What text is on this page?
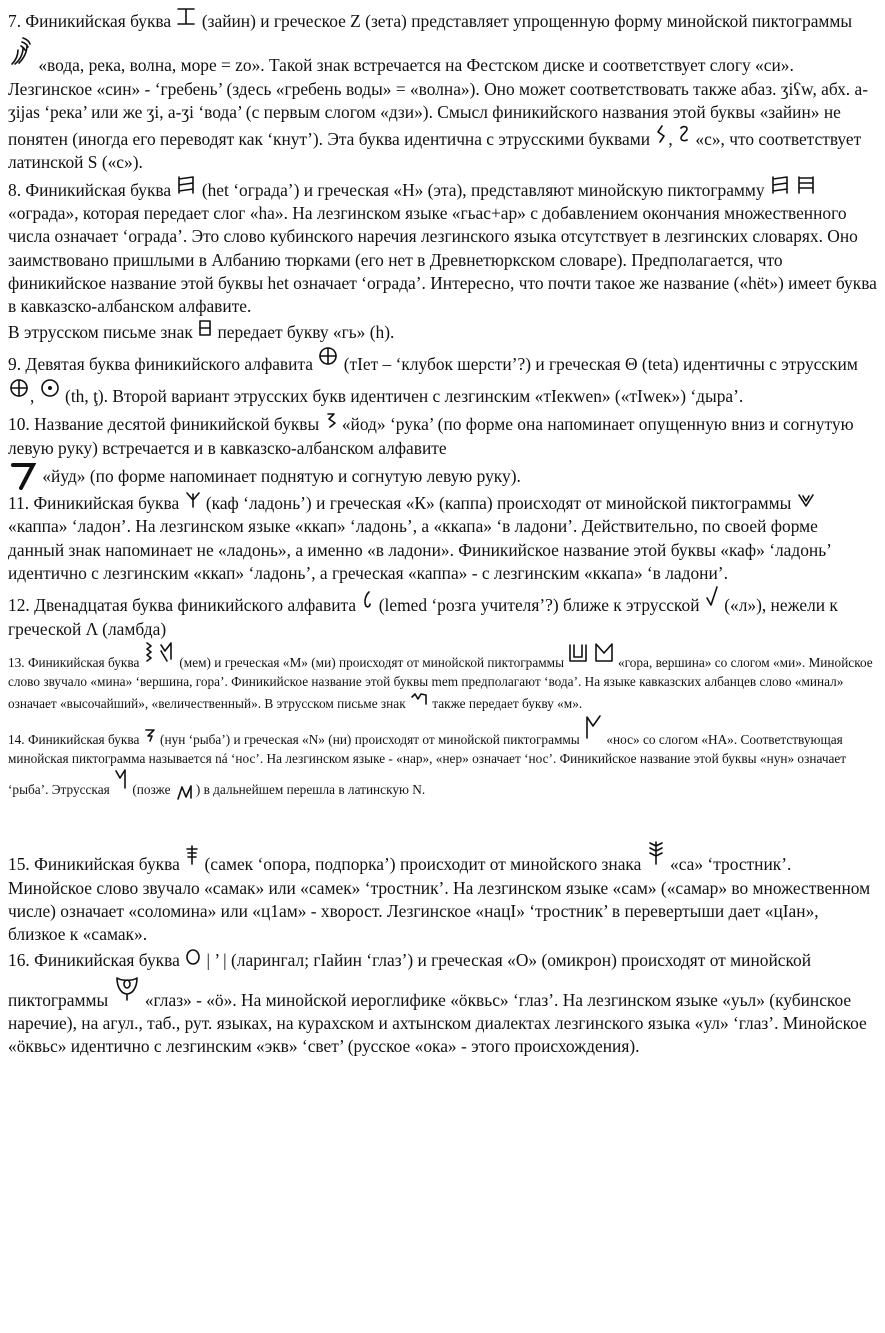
7. Финикийская буква
(зайин) и греческое Z (зета) представляет упрощенную форму минойской пиктограммы
«вода, река, волна, море = zo». Такой знак встречается на Фестском диске и соответствует слогу «си». Лезгинское «син» - ‘гребень’ (здесь «гребень воды» = «волна»). Оно может соответствовать также абаз. ʒiʕw, абх. а-ʒijas ‘река’ или же ʒi, а-ʒi ‘вода’ (с первым слогом «дзи»). Смысл финикийского названия этой буквы «зайин» не понятен (иногда его переводят как ‘кнут’). Эта буква идентична с этрусскими буквами
,
«с», что соответствует латинской S («с»).

8. Финикийская буква
(het ‘ограда’) и греческая «Н» (эта), представляют минойскую пиктограмму

«ограда», которая передает слог «ha». На лезгинском языке «гьас+ар» с добавлением окончания множественного числа означает ‘ограда’. Это слово кубинского наречия лезгинского языка отсутствует в лезгинских словарях. Оно заимствовано пришлыми в Албанию тюрками (его нет в Древнетюркском словаре). Предполагается, что финикийское название этой буквы het означает ‘ограда’. Интересно, что почти такое же название («hёt») имеет буква в кавказско-албанском алфавите.

В этрусском письме знак
передает букву «гь» (h).

9. Девятая буква финикийского алфавита
(тIет – ‘клубок шерсти’?) и греческая Θ (teta) идентичны с этрусским
,
(th, ţ). Второй вариант этрусских букв идентичен с лезгинским «тIекwen» («тIweк») ‘дыра’.

10. Название десятой финикийской буквы
«йод» ‘рука’ (по форме она напоминает опущенную вниз и согнутую левую руку) встречается и в кавказско-албанском алфавите

«йуд» (по форме напоминает поднятую и согнутую левую руку).

11. Финикийская буква
(каф ‘ладонь’) и греческая «К» (каппа) происходят от минойской пиктограммы
«каппа» ‘ладон’. На лезгинском языке «ккап» ‘ладонь’, а «ккапа» ‘в ладони’. Действительно, по своей форме данный знак напоминает не «ладонь», а именно «в ладони». Финикийское название этой буквы «каф» ‘ладонь’ идентично с лезгинским «ккап» ‘ладонь’, а греческая «каппа» - с лезгинским «ккапа» ‘в ладони’.

12. Двенадцатая буква финикийского алфавита
(lemed ‘розга учителя’?) ближе к этрусской
(«л»), нежели к греческой Λ (ламбда)

13. Финикийская буква
	(мем) и греческая «М» (ми) происходят от минойской пиктограммы
	«гора, вершина» со слогом «ми». Минойское слово звучало «мина» ‘вершина, гора’. Финикийское название этой буквы mem предполагают ‘вода’. На языке кавказских албанцев слово «минал» означает «высочайший», «величественный». В этрусском письме знак
также передает букву «м».

14. Финикийская буква
(нун ‘рыба’) и греческая «N» (ни) происходят от минойской пиктограммы
«нос» со слогом «НА». Соответствующая минойская пиктограмма называется ná ‘нос’. На лезгинском языке - «нар», «нер» означает ‘нос’. Финикийское название этой буквы «нун» означает ‘рыба’. Этрусская
(позже
) в дальнейшем перешла в латинскую N.

15. Финикийская буква
(самек ‘опора, подпорка’) происходит от минойского знака
«са» ‘тростник’. Минойское слово звучало «самак» или «самек» ‘тростник’. На лезгинском языке «сам» («самар» во множественном числе) означает «соломина» или «ц1ам» - хворост. Лезгинское «нацI» ‘тростник’ в перевертыши дает «цIан», близкое к «самак».

16. Финикийская буква
| ’ | (ларингал; гIайин ‘глаз’) и греческая «О» (омикрон) происходят от минойской пиктограммы
«глаз» - «ö». На минойской иероглифике «öквьс» ‘глаз’. На лезгинском языке «уьл» (кубинское наречие), на агул., таб., рут. языках, на курахском и ахтынском диалектах лезгинского языка «ул» ‘глаз’. Минойское «öквьс» идентично с лезгинским «экв» ‘свет’ (русское «ока» - этого происхождения).
